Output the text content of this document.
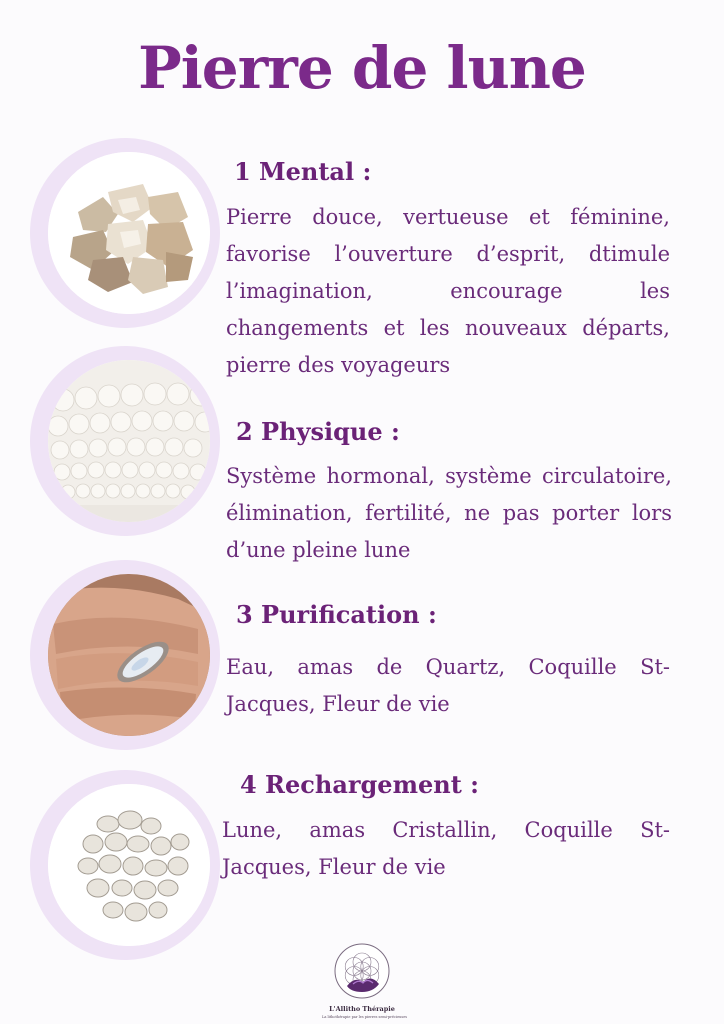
Pierre de lune
1 Mental :
Pierre douce, vertueuse et féminine, favorise l’ouverture d’esprit, dtimule l’imagination, encourage les changements et les nouveaux départs, pierre des voyageurs
2 Physique :
Système hormonal, système circulatoire, élimination, fertilité, ne pas porter lors d’une pleine lune
3 Purification :
Eau, amas de Quartz, Coquille St-Jacques, Fleur de vie
4 Rechargement :
Lune, amas Cristallin, Coquille St-Jacques, Fleur de vie
L'Allitho Thérapie
La lithothérapie par les pierres semi-précieuses
